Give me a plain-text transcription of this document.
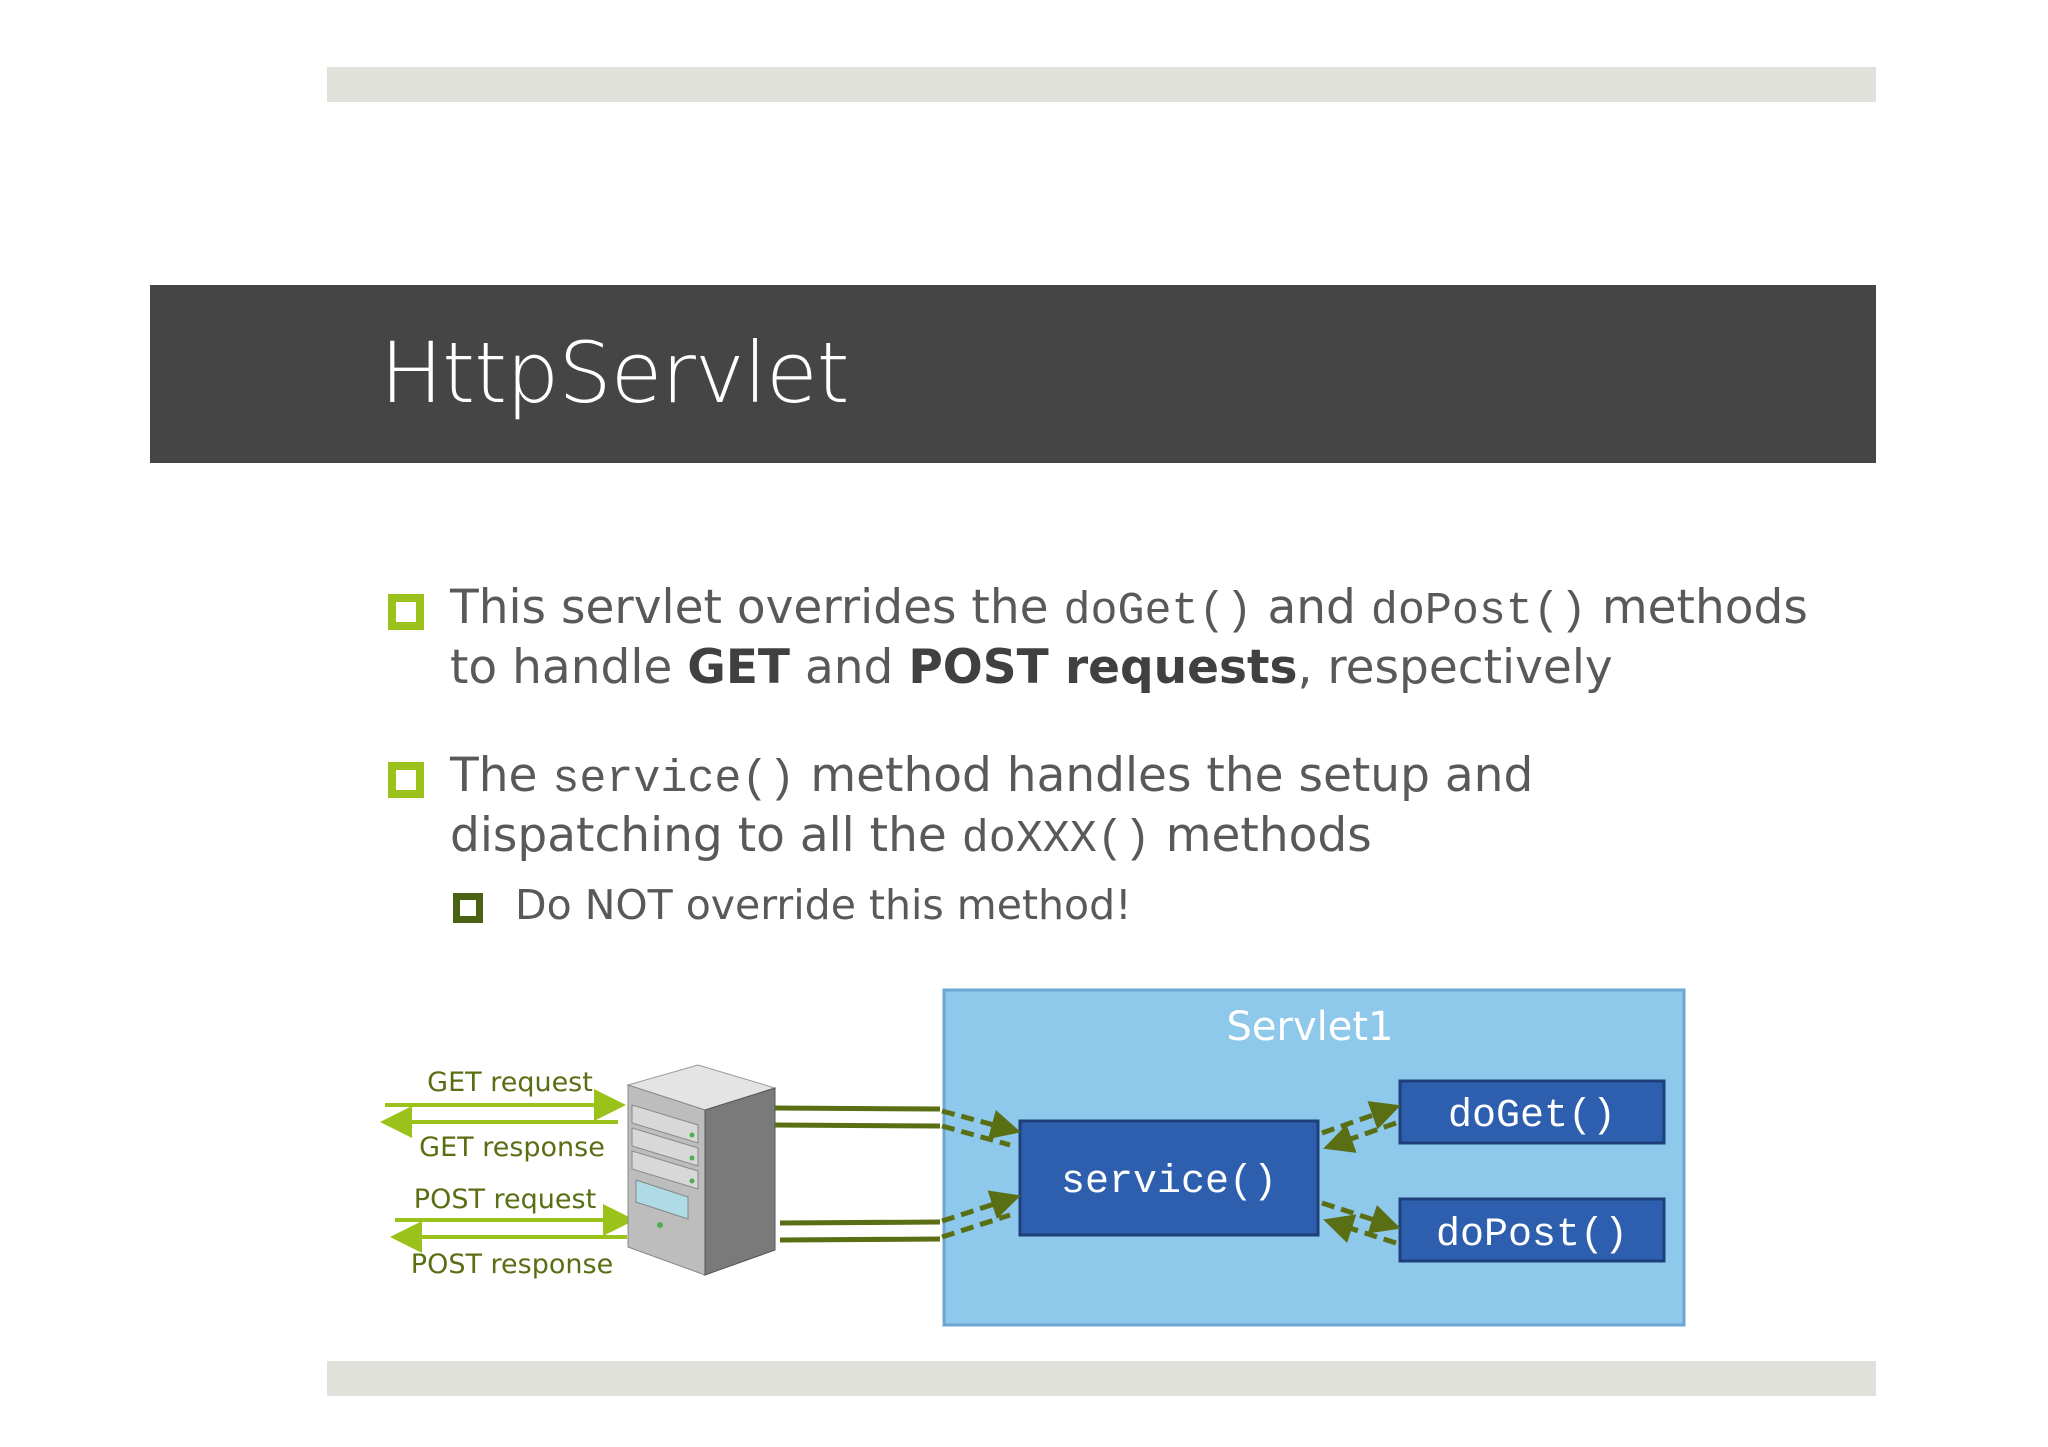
HttpServlet
This servlet overrides the doGet() and doPost() methods
to handle GET and POST requests, respectively
The service() method handles the setup and
dispatching to all the doXXX() methods
Do NOT override this method!
Servlet1
service()
doGet()
doPost()
GET request
GET response
POST request
POST response
